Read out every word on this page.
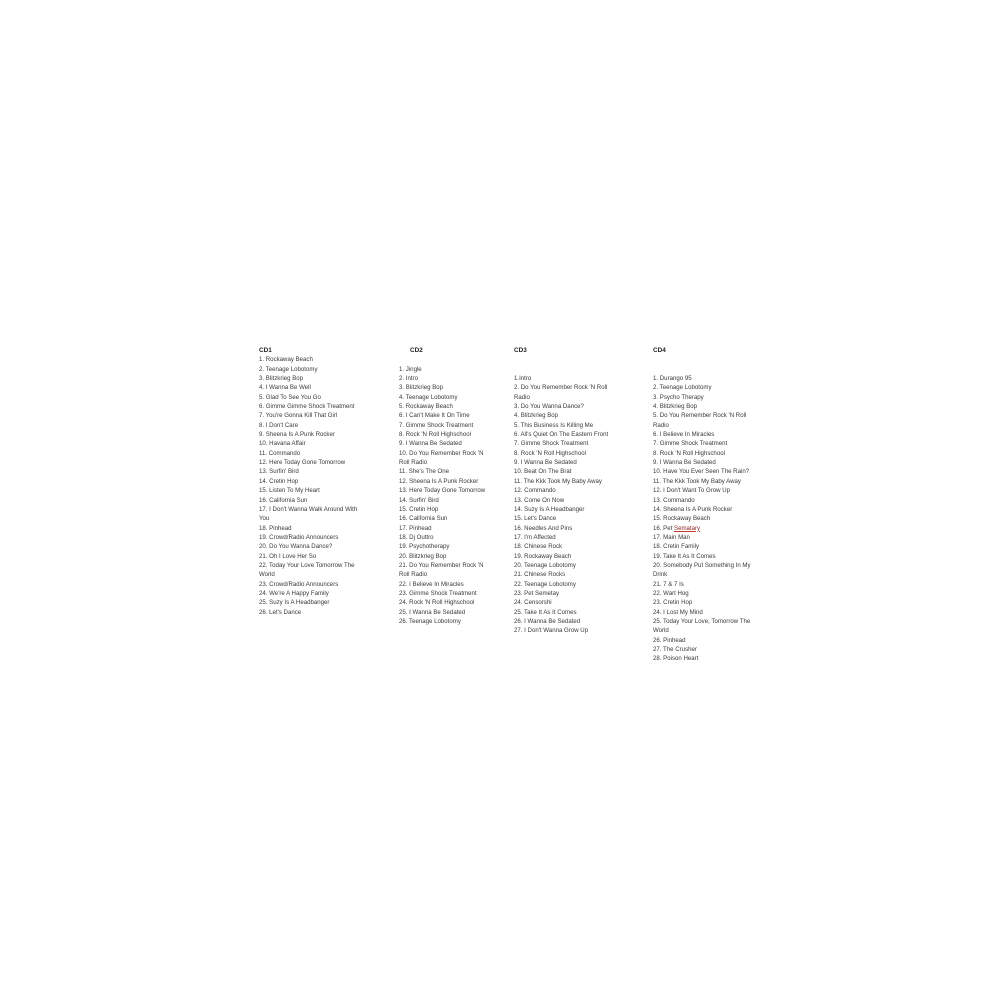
CD1

1. Rockaway Beach

2. Teenage Lobotomy

3. Blitzkrieg Bop

4. I Wanna Be Well

5. Glad To See You Go

6. Gimme Gimme Shock Treatment

7. You're Gonna Kill That Girl

8. I Don't Care

9. Sheena Is A Punk Rocker

10. Havana Affair

11. Commando

12. Here Today Gone Tomorrow

13. Surfin' Bird

14. Cretin Hop

15. Listen To My Heart

16. California Sun

17. I Don't Wanna Walk Around With You

18. Pinhead

19. Crowd/Radio Announcers

20. Do You Wanna Dance?

21. Oh I Love Her So

22. Today Your Love Tomorrow The World

23. Crowd/Radio Announcers

24. We're A Happy Family

25. Suzy Is A Headbanger

26. Let's Dance

CD2

1. Jingle

2. Intro

3. Blitzkrieg Bop

4. Teenage Lobotomy

5. Rockaway Beach

6. I Can't Make It On Time

7. Gimme Shock Treatment

8. Rock 'N Roll Highschool

9. I Wanna Be Sedated

10. Do You Remember Rock 'N Roll Radio

11. She's The One

12. Sheena Is A Punk Rocker

13. Here Today Gone Tomorrow

14. Surfin' Bird

15. Cretin Hop

16. California Sun

17. Pinhead

18. Dj Outtro

19. Psychotherapy

20. Blitzkrieg Bop

21. Do You Remember Rock 'N Roll Radio

22. I Believe In Miracles

23. Gimme Shock Treatment

24. Rock 'N Roll Highschool

25. I Wanna Be Sedated

26. Teenage Lobotomy

CD3

1.Intro

2. Do You Remember Rock 'N Roll Radio

3. Do You Wanna Dance?

4. Blitzkrieg Bop

5. This Business Is Killing Me

6. All's Quiet On The Eastern Front

7. Gimme Shock Treatment

8. Rock 'N Roll Highschool

9. I Wanna Be Sedated

10. Beat On The Brat

11. The Kkk Took My Baby Away

12. Commando

13. Come On Now

14. Suzy Is A Headbanger

15. Let's Dance

16. Needles And Pins

17. I'm Affected

18. Chinese Rock

19. Rockaway Beach

20. Teenage Lobotomy

21. Chinese Rocks

22. Teenage Lobotomy

23. Pet Semetay

24. Censorshi

25. Take It As It Comes

26. I Wanna Be Sedated

27. I Don't Wanna Grow Up

CD4

1. Durango 95

2. Teenage Lobotomy

3. Psycho Therapy

4. Blitzkrieg Bop

5. Do You Remember Rock 'N Roll Radio

6. I Believe In Miracles

7. Gimme Shock Treatment

8. Rock 'N Roll Highschool

9. I Wanna Be Sedated

10. Have You Ever Seen The Rain?

11. The Kkk Took My Baby Away

12. I Don't Want To Grow Up

13. Commando

14. Sheena Is A Punk Rocker

15. Rockaway Beach

16. Pet Sematary

17. Main Man

18. Cretin Family

19. Take It As It Comes

20. Somebody Put Something In My Drink

21. 7 & 7 Is

22. Wart Hog

23. Cretin Hop

24. I Lost My Mind

25. Today Your Love, Tomorrow The World

26. Pinhead

27. The Crusher

28. Poison Heart
